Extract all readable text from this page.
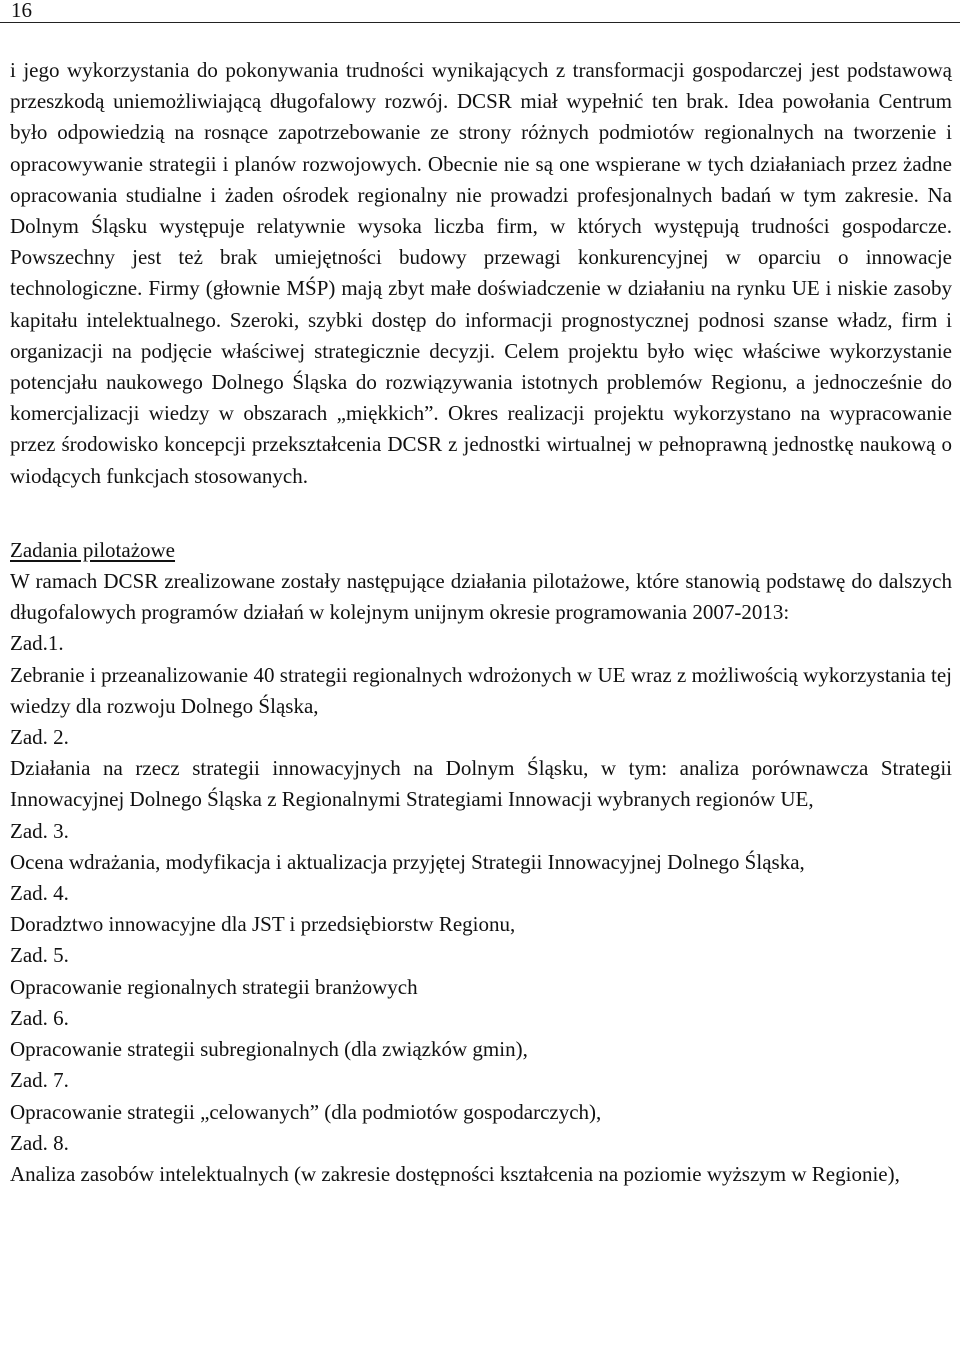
16

i jego wykorzystania do pokonywania trudności wynikających z transformacji gospodarczej jest podstawową przeszkodą uniemożliwiającą długofalowy rozwój. DCSR miał wypełnić ten brak. Idea powołania Centrum było odpowiedzią na rosnące zapotrzebowanie ze strony różnych podmiotów regionalnych na tworzenie i opracowywanie strategii i planów rozwojowych. Obecnie nie są one wspierane w tych działaniach przez żadne opracowania studialne i żaden ośrodek regionalny nie prowadzi profesjonalnych badań w tym zakresie. Na Dolnym Śląsku występuje relatywnie wysoka liczba firm, w których występują trudności gospodarcze. Powszechny jest też brak umiejętności budowy przewagi konkurencyjnej w oparciu o innowacje technologiczne. Firmy (głownie MŚP) mają zbyt małe doświadczenie w działaniu na rynku UE i niskie zasoby kapitału intelektualnego. Szeroki, szybki dostęp do informacji prognostycznej podnosi szanse władz, firm i organizacji na podjęcie właściwej strategicznie decyzji. Celem projektu było więc właściwe wykorzystanie potencjału naukowego Dolnego Śląska do rozwiązywania istotnych problemów Regionu, a jednocześnie do komercjalizacji wiedzy w obszarach „miękkich”. Okres realizacji projektu wykorzystano na wypracowanie przez środowisko koncepcji przekształcenia DCSR z jednostki wirtualnej w pełnoprawną jednostkę naukową o wiodących funkcjach stosowanych.

Zadania pilotażowe

W ramach DCSR zrealizowane zostały następujące działania pilotażowe, które stanowią podstawę do dalszych długofalowych programów działań w kolejnym unijnym okresie programowania 2007-2013:

Zad.1.
Zebranie i przeanalizowanie 40 strategii regionalnych wdrożonych w UE wraz z możliwością wykorzystania tej wiedzy dla rozwoju Dolnego Śląska,
Zad. 2.
Działania na rzecz strategii innowacyjnych na Dolnym Śląsku, w tym: analiza porównawcza Strategii Innowacyjnej Dolnego Śląska z Regionalnymi Strategiami Innowacji wybranych regionów UE,
Zad. 3.
Ocena wdrażania, modyfikacja i aktualizacja przyjętej Strategii Innowacyjnej Dolnego Śląska,
Zad. 4.
Doradztwo innowacyjne dla JST i przedsiębiorstw Regionu,
Zad. 5.
Opracowanie regionalnych strategii branżowych
Zad. 6.
Opracowanie strategii subregionalnych (dla związków gmin),
Zad. 7.
Opracowanie strategii „celowanych” (dla podmiotów gospodarczych),
Zad. 8.
Analiza zasobów intelektualnych (w zakresie dostępności kształcenia na poziomie wyższym w Regionie),
